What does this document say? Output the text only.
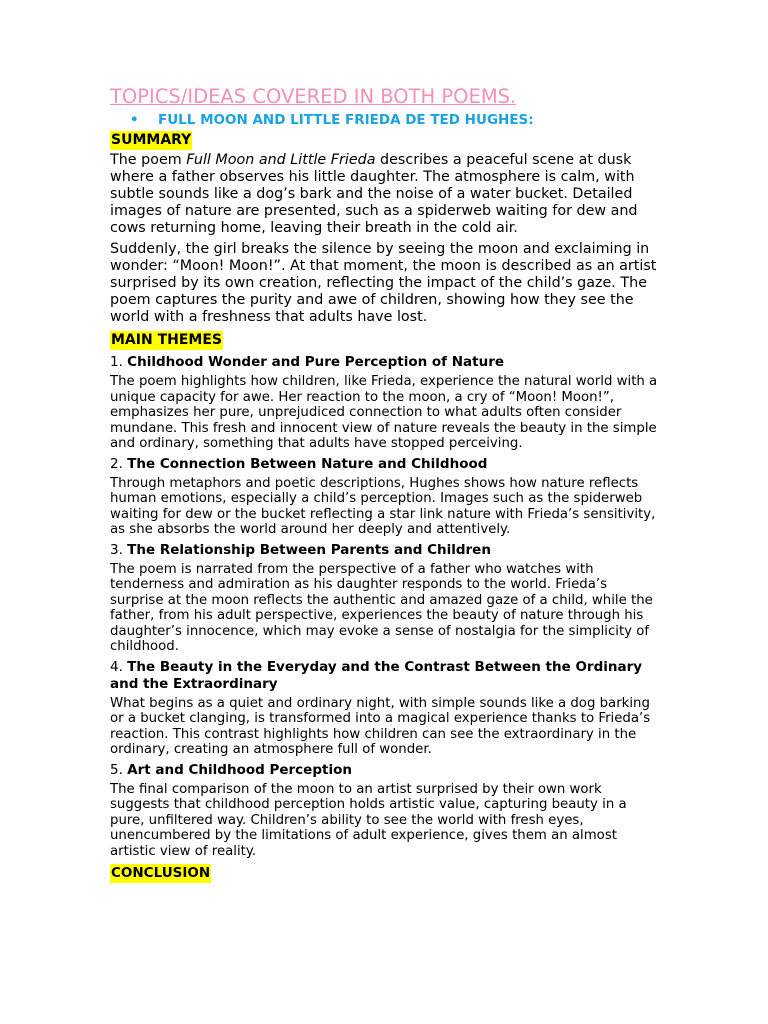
TOPICS/IDEAS COVERED IN BOTH POEMS.
•	FULL MOON AND LITTLE FRIEDA DE TED HUGHES:
SUMMARY

The poem Full Moon and Little Frieda describes a peaceful scene at dusk where a father observes his little daughter. The atmosphere is calm, with subtle sounds like a dog’s bark and the noise of a water bucket. Detailed images of nature are presented, such as a spiderweb waiting for dew and cows returning home, leaving their breath in the cold air.

Suddenly, the girl breaks the silence by seeing the moon and exclaiming in wonder: “Moon! Moon!”. At that moment, the moon is described as an artist surprised by its own creation, reflecting the impact of the child’s gaze. The poem captures the purity and awe of children, showing how they see the world with a freshness that adults have lost.

MAIN THEMES
1. Childhood Wonder and Pure Perception of Nature

The poem highlights how children, like Frieda, experience the natural world with a unique capacity for awe. Her reaction to the moon, a cry of “Moon! Moon!”, emphasizes her pure, unprejudiced connection to what adults often consider mundane. This fresh and innocent view of nature reveals the beauty in the simple and ordinary, something that adults have stopped perceiving.

2. The Connection Between Nature and Childhood

Through metaphors and poetic descriptions, Hughes shows how nature reflects human emotions, especially a child’s perception. Images such as the spiderweb waiting for dew or the bucket reflecting a star link nature with Frieda’s sensitivity, as she absorbs the world around her deeply and attentively.

3. The Relationship Between Parents and Children

The poem is narrated from the perspective of a father who watches with tenderness and admiration as his daughter responds to the world. Frieda’s surprise at the moon reflects the authentic and amazed gaze of a child, while the father, from his adult perspective, experiences the beauty of nature through his daughter’s innocence, which may evoke a sense of nostalgia for the simplicity of childhood.

4. The Beauty in the Everyday and the Contrast Between the Ordinary and the Extraordinary

What begins as a quiet and ordinary night, with simple sounds like a dog barking or a bucket clanging, is transformed into a magical experience thanks to Frieda’s reaction. This contrast highlights how children can see the extraordinary in the ordinary, creating an atmosphere full of wonder.

5. Art and Childhood Perception

The final comparison of the moon to an artist surprised by their own work suggests that childhood perception holds artistic value, capturing beauty in a pure, unfiltered way. Children’s ability to see the world with fresh eyes, unencumbered by the limitations of adult experience, gives them an almost artistic view of reality.

CONCLUSION
